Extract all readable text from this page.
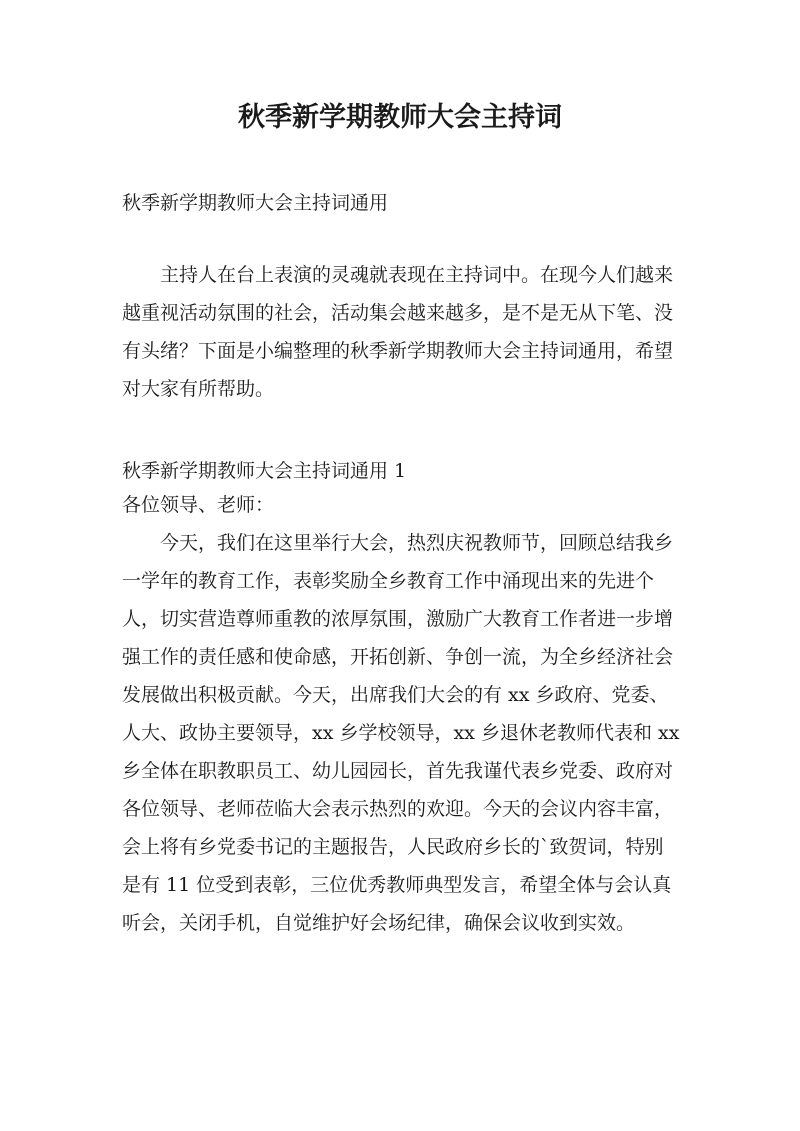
秋季新学期教师大会主持词

秋季新学期教师大会主持词通用

主持人在台上表演的灵魂就表现在主持词中。在现今人们越来越重视活动氛围的社会，活动集会越来越多，是不是无从下笔、没有头绪？下面是小编整理的秋季新学期教师大会主持词通用，希望对大家有所帮助。

秋季新学期教师大会主持词通用 1

各位领导、老师：

今天，我们在这里举行大会，热烈庆祝教师节，回顾总结我乡一学年的教育工作，表彰奖励全乡教育工作中涌现出来的先进个人，切实营造尊师重教的浓厚氛围，激励广大教育工作者进一步增强工作的责任感和使命感，开拓创新、争创一流，为全乡经济社会发展做出积极贡献。今天，出席我们大会的有 xx 乡政府、党委、人大、政协主要领导，xx 乡学校领导，xx 乡退休老教师代表和 xx 乡全体在职教职员工、幼儿园园长，首先我谨代表乡党委、政府对各位领导、老师莅临大会表示热烈的欢迎。今天的会议内容丰富，会上将有乡党委书记的主题报告，人民政府乡长的`致贺词，特别是有 11 位受到表彰，三位优秀教师典型发言，希望全体与会认真听会，关闭手机，自觉维护好会场纪律，确保会议收到实效。
